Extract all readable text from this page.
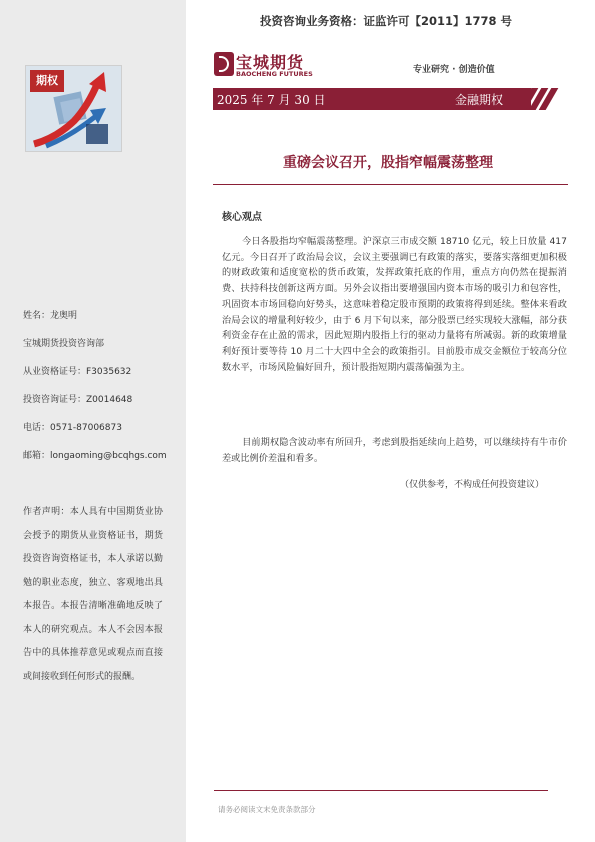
投资咨询业务资格：证监许可【2011】1778 号
期权
宝城期货
BAOCHENG FUTURES	专业研究 · 创造价值
2025 年 7 月 30 日	金融期权
重磅会议召开，股指窄幅震荡整理
核心观点
今日各股指均窄幅震荡整理。沪深京三市成交额 18710 亿元，较上日放量 417 亿元。今日召开了政治局会议，会议主要强调已有政策的落实，要落实落细更加积极的财政政策和适度宽松的货币政策，发挥政策托底的作用，重点方向仍然在提振消费、扶持科技创新这两方面。另外会议指出要增强国内资本市场的吸引力和包容性，巩固资本市场回稳向好势头，这意味着稳定股市预期的政策将得到延续。整体来看政治局会议的增量利好较少，由于 6 月下旬以来，部分股票已经实现较大涨幅，部分获利资金存在止盈的需求，因此短期内股指上行的驱动力量将有所减弱。新的政策增量利好预计要等待 10 月二十大四中全会的政策指引。目前股市成交金额位于较高分位数水平，市场风险偏好回升，预计股指短期内震荡偏强为主。
目前期权隐含波动率有所回升，考虑到股指延续向上趋势，可以继续持有牛市价差或比例价差温和看多。
（仅供参考，不构成任何投资建议）
姓名：龙奥明
宝城期货投资咨询部
从业资格证号：F3035632
投资咨询证号：Z0014648
电话：0571-87006873
邮箱：longaoming@bcqhgs.com
作者声明：本人具有中国期货业协会授予的期货从业资格证书，期货投资咨询资格证书，本人承诺以勤勉的职业态度，独立、客观地出具本报告。本报告清晰准确地反映了本人的研究观点。本人不会因本报告中的具体推荐意见或观点而直接或间接收到任何形式的报酬。
请务必阅读文末免责条款部分
